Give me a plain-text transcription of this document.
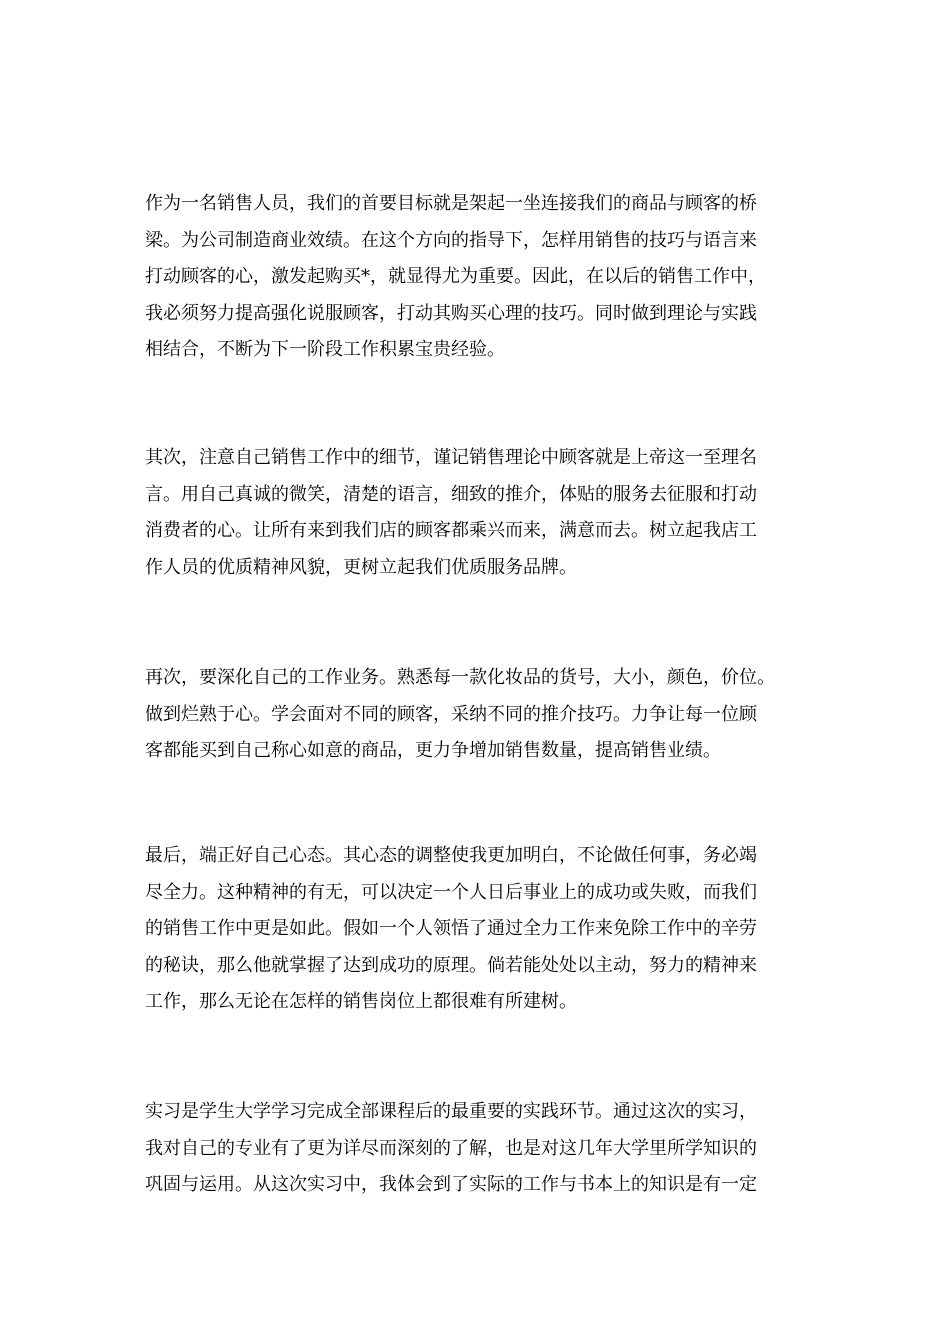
作为一名销售人员，我们的首要目标就是架起一坐连接我们的商品与顾客的桥
梁。为公司制造商业效绩。在这个方向的指导下，怎样用销售的技巧与语言来
打动顾客的心，激发起购买*，就显得尤为重要。因此，在以后的销售工作中，
我必须努力提高强化说服顾客，打动其购买心理的技巧。同时做到理论与实践
相结合，不断为下一阶段工作积累宝贵经验。

其次，注意自己销售工作中的细节，谨记销售理论中顾客就是上帝这一至理名
言。用自己真诚的微笑，清楚的语言，细致的推介，体贴的服务去征服和打动
消费者的心。让所有来到我们店的顾客都乘兴而来，满意而去。树立起我店工
作人员的优质精神风貌，更树立起我们优质服务品牌。

再次，要深化自己的工作业务。熟悉每一款化妆品的货号，大小，颜色，价位。
做到烂熟于心。学会面对不同的顾客，采纳不同的推介技巧。力争让每一位顾
客都能买到自己称心如意的商品，更力争增加销售数量，提高销售业绩。

最后，端正好自己心态。其心态的调整使我更加明白，不论做任何事，务必竭
尽全力。这种精神的有无，可以决定一个人日后事业上的成功或失败，而我们
的销售工作中更是如此。假如一个人领悟了通过全力工作来免除工作中的辛劳
的秘诀，那么他就掌握了达到成功的原理。倘若能处处以主动，努力的精神来
工作，那么无论在怎样的销售岗位上都很难有所建树。

实习是学生大学学习完成全部课程后的最重要的实践环节。通过这次的实习，
我对自己的专业有了更为详尽而深刻的了解，也是对这几年大学里所学知识的
巩固与运用。从这次实习中，我体会到了实际的工作与书本上的知识是有一定
